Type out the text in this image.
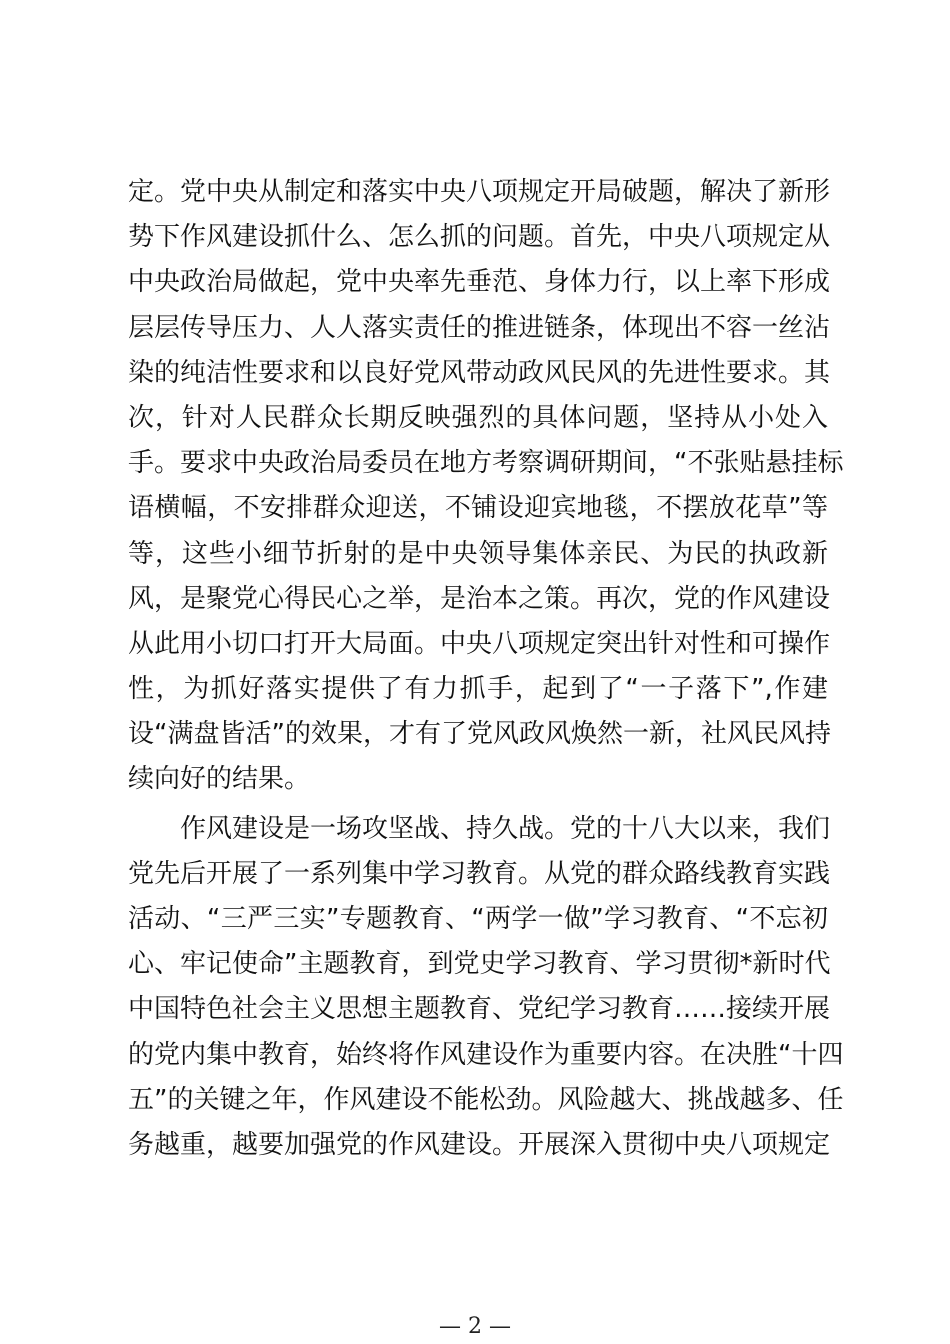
定。党中央从制定和落实中央八项规定开局破题，解决了新形
势下作风建设抓什么、怎么抓的问题。首先，中央八项规定从
中央政治局做起，党中央率先垂范、身体力行，以上率下形成
层层传导压力、人人落实责任的推进链条，体现出不容一丝沾
染的纯洁性要求和以良好党风带动政风民风的先进性要求。其
次，针对人民群众长期反映强烈的具体问题，坚持从小处入
手。要求中央政治局委员在地方考察调研期间，“不张贴悬挂标
语横幅，不安排群众迎送，不铺设迎宾地毯，不摆放花草”等
等，这些小细节折射的是中央领导集体亲民、为民的执政新
风，是聚党心得民心之举，是治本之策。再次，党的作风建设
从此用小切口打开大局面。中央八项规定突出针对性和可操作
性，为抓好落实提供了有力抓手，起到了“一子落下”,作建
设“满盘皆活”的效果，才有了党风政风焕然一新，社风民风持
续向好的结果。
作风建设是一场攻坚战、持久战。党的十八大以来，我们
党先后开展了一系列集中学习教育。从党的群众路线教育实践
活动、“三严三实”专题教育、“两学一做”学习教育、“不忘初
心、牢记使命”主题教育，到党史学习教育、学习贯彻*新时代
中国特色社会主义思想主题教育、党纪学习教育……接续开展
的党内集中教育，始终将作风建设作为重要内容。在决胜“十四
五”的关键之年，作风建设不能松劲。风险越大、挑战越多、任
务越重，越要加强党的作风建设。开展深入贯彻中央八项规定
— 2 —
